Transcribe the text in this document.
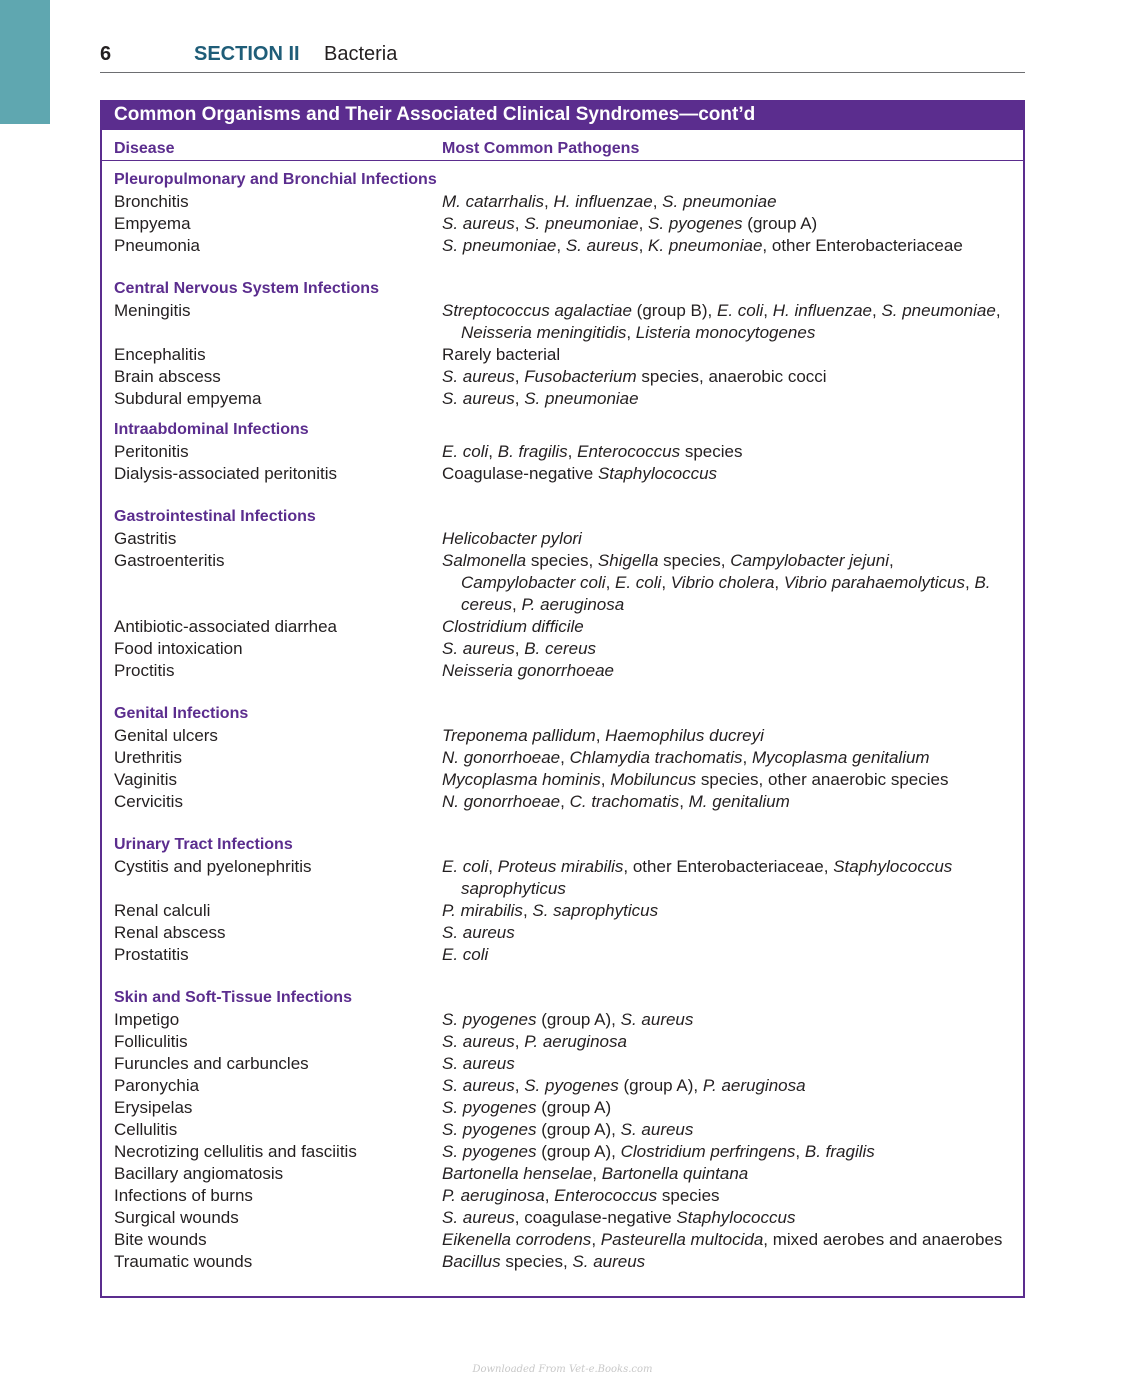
6	SECTION II Bacteria
Common Organisms and Their Associated Clinical Syndromes—cont’d
Disease	Most Common Pathogens
Pleuropulmonary and Bronchial Infections
Bronchitis	M. catarrhalis, H. influenzae, S. pneumoniae
Empyema	S. aureus, S. pneumoniae, S. pyogenes (group A)
Pneumonia	S. pneumoniae, S. aureus, K. pneumoniae, other Enterobacteriaceae
Central Nervous System Infections
Meningitis	Streptococcus agalactiae (group B), E. coli, H. influenzae, S. pneumoniae,
Neisseria meningitidis, Listeria monocytogenes
Encephalitis	Rarely bacterial
Brain abscess	S. aureus, Fusobacterium species, anaerobic cocci
Subdural empyema	S. aureus, S. pneumoniae
Intraabdominal Infections
Peritonitis	E. coli, B. fragilis, Enterococcus species
Dialysis-associated peritonitis	Coagulase-negative Staphylococcus
Gastrointestinal Infections
Gastritis	Helicobacter pylori
Gastroenteritis	Salmonella species, Shigella species, Campylobacter jejuni,
Campylobacter coli, E. coli, Vibrio cholera, Vibrio parahaemolyticus, B.
cereus, P. aeruginosa
Antibiotic-associated diarrhea	Clostridium difficile
Food intoxication	S. aureus, B. cereus
Proctitis	Neisseria gonorrhoeae
Genital Infections
Genital ulcers	Treponema pallidum, Haemophilus ducreyi
Urethritis	N. gonorrhoeae, Chlamydia trachomatis, Mycoplasma genitalium
Vaginitis	Mycoplasma hominis, Mobiluncus species, other anaerobic species
Cervicitis	N. gonorrhoeae, C. trachomatis, M. genitalium
Urinary Tract Infections
Cystitis and pyelonephritis	E. coli, Proteus mirabilis, other Enterobacteriaceae, Staphylococcus
saprophyticus
Renal calculi	P. mirabilis, S. saprophyticus
Renal abscess	S. aureus
Prostatitis	E. coli
Skin and Soft-Tissue Infections
Impetigo	S. pyogenes (group A), S. aureus
Folliculitis	S. aureus, P. aeruginosa
Furuncles and carbuncles	S. aureus
Paronychia	S. aureus, S. pyogenes (group A), P. aeruginosa
Erysipelas	S. pyogenes (group A)
Cellulitis	S. pyogenes (group A), S. aureus
Necrotizing cellulitis and fasciitis	S. pyogenes (group A), Clostridium perfringens, B. fragilis
Bacillary angiomatosis	Bartonella henselae, Bartonella quintana
Infections of burns	P. aeruginosa, Enterococcus species
Surgical wounds	S. aureus, coagulase-negative Staphylococcus
Bite wounds	Eikenella corrodens, Pasteurella multocida, mixed aerobes and anaerobes
Traumatic wounds	Bacillus species, S. aureus
Downloaded From Vet-e.Books.com
